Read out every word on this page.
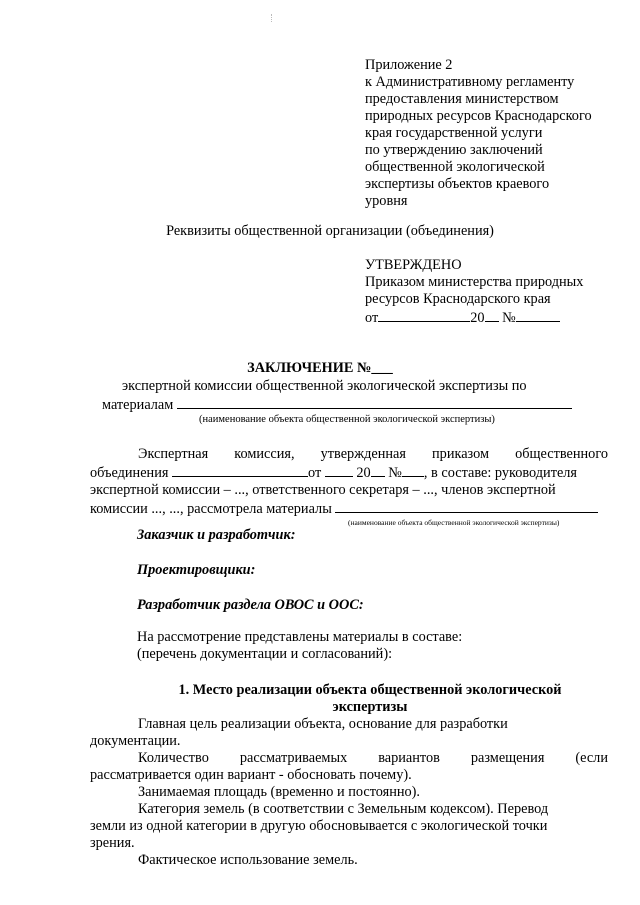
Приложение 2
к Административному регламенту
предоставления министерством
природных ресурсов Краснодарского
края государственной услуги
по утверждению заключений
общественной экологической
экспертизы объектов краевого
уровня
Реквизиты общественной организации (объединения)
УТВЕРЖДЕНО
Приказом министерства природных
ресурсов Краснодарского края
от	20 №
ЗАКЛЮЧЕНИЕ №___
экспертной комиссии общественной экологической экспертизы по
материалам
(наименование объекта общественной экологической экспертизы)
Экспертная комиссия, утвержденная приказом общественного
объединения	от 20 № , в составе: руководителя
экспертной комиссии – ..., ответственного секретаря – ..., членов экспертной
комиссии ..., ..., рассмотрела материалы
(наименование объекта общественной экологической экспертизы)
Заказчик и разработчик:
Проектировщики:
Разработчик раздела ОВОС и ООС:
На рассмотрение представлены материалы в составе:
(перечень документации и согласований):
1. Место реализации объекта общественной экологической
экспертизы
Главная цель реализации объекта, основание для разработки
документации.
Количество рассматриваемых вариантов размещения (если
рассматривается один вариант - обосновать почему).
Занимаемая площадь (временно и постоянно).
Категория земель (в соответствии с Земельным кодексом). Перевод
земли из одной категории в другую обосновывается с экологической точки
зрения.
Фактическое использование земель.
